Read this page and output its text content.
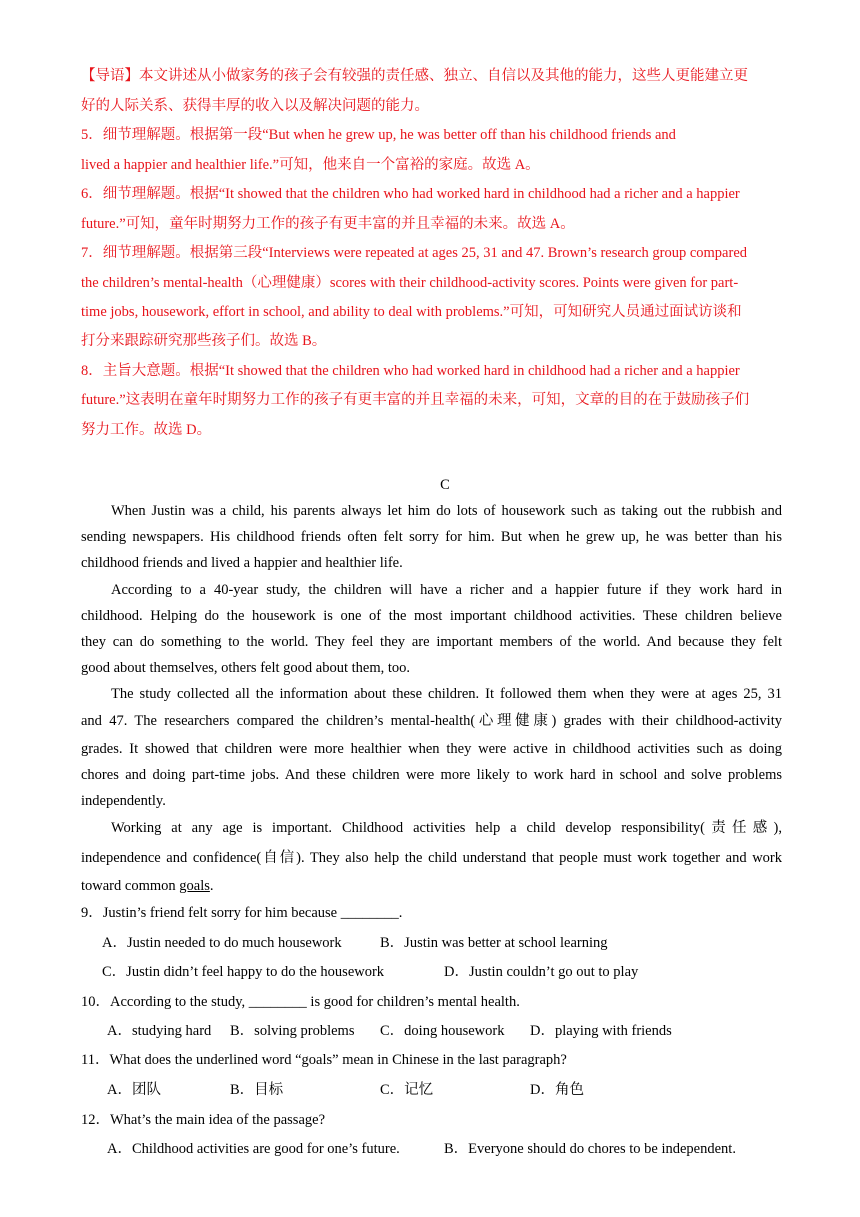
【导语】本文讲述从小做家务的孩子会有较强的责任感、独立、自信以及其他的能力，这些人更能建立更
好的人际关系、获得丰厚的收入以及解决问题的能力。
5．细节理解题。根据第一段“But when he grew up, he was better off than his childhood friends and
lived a happier and healthier life.”可知，他来自一个富裕的家庭。故选 A。
6．细节理解题。根据“It showed that the children who had worked hard in childhood had a richer and a happier
future.”可知，童年时期努力工作的孩子有更丰富的并且幸福的未来。故选 A。
7．细节理解题。根据第三段“Interviews were repeated at ages 25, 31 and 47. Brown’s research group compared
the children’s mental-health（心理健康）scores with their childhood-activity scores. Points were given for part-
time jobs, housework, effort in school, and ability to deal with problems.”可知，可知研究人员通过面试访谈和
打分来跟踪研究那些孩子们。故选 B。
8．主旨大意题。根据“It showed that the children who had worked hard in childhood had a richer and a happier
future.”这表明在童年时期努力工作的孩子有更丰富的并且幸福的未来，可知，文章的目的在于鼓励孩子们
努力工作。故选 D。
C
When Justin was a child, his parents always let him do lots of housework such as taking out the rubbish and
sending newspapers. His childhood friends often felt sorry for him. But when he grew up, he was better than his
childhood friends and lived a happier and healthier life.
According to a 40-year study, the children will have a richer and a happier future if they work hard in
childhood. Helping do the housework is one of the most important childhood activities. These children believe
they can do something to the world. They feel they are important members of the world. And because they felt
good about themselves, others felt good about them, too.
The study collected all the information about these children. It followed them when they were at ages 25, 31
and 47. The researchers compared the children’s mental-health(心理健康) grades with their childhood-activity
grades. It showed that children were more healthier when they were active in childhood activities such as doing
chores and doing part-time jobs. And these children were more likely to work hard in school and solve problems
independently.
Working at any age is important. Childhood activities help a child develop responsibility(责任感),
independence and confidence(自信). They also help the child understand that people must work together and work
toward common goals.
9．Justin’s friend felt sorry for him because ________.
A．Justin needed to do much housework	B．Justin was better at school learning
C．Justin didn’t feel happy to do the housework	D．Justin couldn’t go out to play
10．According to the study, ________ is good for children’s mental health.
A．studying hard B．solving problems C．doing housework D．playing with friends
11．What does the underlined word “goals” mean in Chinese in the last paragraph?
A．团队	B．目标	C．记忆	D．角色
12．What’s the main idea of the passage?
A．Childhood activities are good for one’s future.	B．Everyone should do chores to be independent.
